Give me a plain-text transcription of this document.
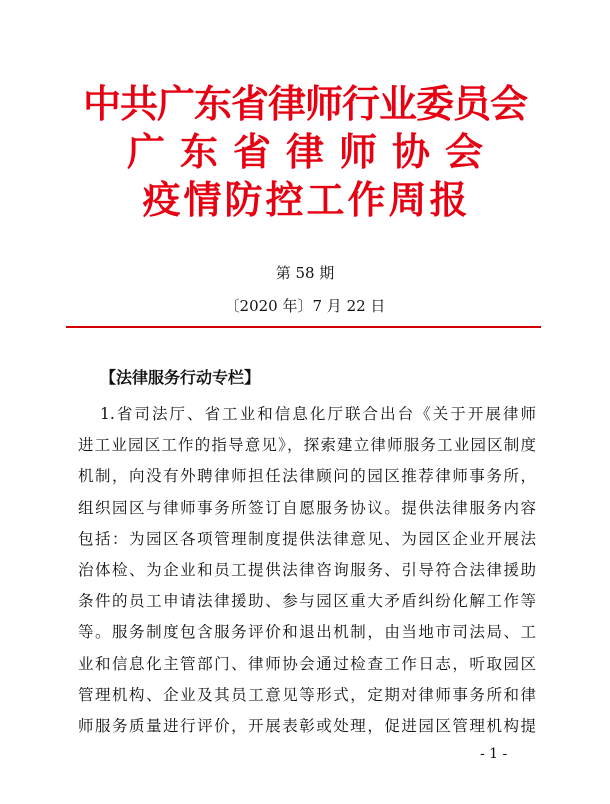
中共广东省律师行业委员会
广东省律师协会
疫情防控工作周报
第 58 期
〔2020 年〕7 月 22 日
【法律服务行动专栏】
1.省司法厅、省工业和信息化厅联合出台《关于开展律师
进工业园区工作的指导意见》，探索建立律师服务工业园区制度
机制，向没有外聘律师担任法律顾问的园区推荐律师事务所，
组织园区与律师事务所签订自愿服务协议。提供法律服务内容
包括：为园区各项管理制度提供法律意见、为园区企业开展法
治体检、为企业和员工提供法律咨询服务、引导符合法律援助
条件的员工申请法律援助、参与园区重大矛盾纠纷化解工作等
等。服务制度包含服务评价和退出机制，由当地市司法局、工
业和信息化主管部门、律师协会通过检查工作日志，听取园区
管理机构、企业及其员工意见等形式，定期对律师事务所和律
师服务质量进行评价，开展表彰或处理，促进园区管理机构提
- 1 -
